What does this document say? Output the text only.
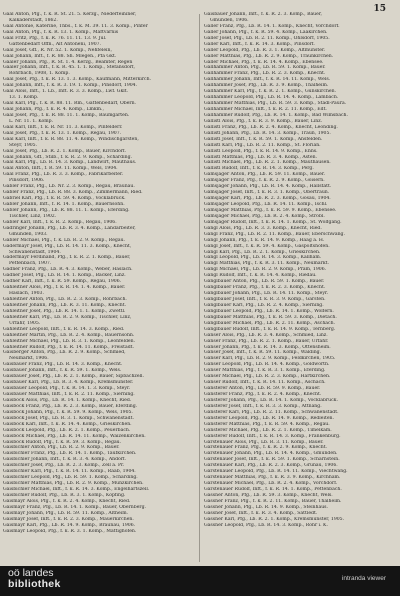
15
Gaal Anton, Pfg., f. k. R. St. 21. 5. Kerzg., Niederfeininer,
Kalkaderstadt, 1862.
Gaal Antonie, Katerine, Thbs., f. k. M. 39. 11. 3. Komp., Pinfer
Gaal Anton, Pfg., f. k. R. 13. 1. Komp., Maftvarnis
Gaal Fritz, Pfg., f. k. R. 76. 11. 11. 13. 9. Jul.
Gattenbedarf Offn., Alt Antoneni, 1907.
Gaal Josef, Gff., R. Nr. 52. 1. Komp., Nehfelein,
Gaal Johann, Inft., f. R. 88. Sh. Mlegen., Pfa Gkt.
Gaaler Johann, Pfg., R. St. 1. 4. Kerzg., Beamter, Regen
Gaaler Johann, Inft., f. k. R. 45. 1. 1. Komp., Stefansdorf,
Rohrbach, 1908, 1. Komp.
Gaal Josef, Pfg., f. k. R. 13. 1. 3. Komp., Kaufmann, Mitterkirch.
Gaal Johann, Inft., f. k. R. 3. 19. 1. Komp., Pinsdorf, 1904.
Gaal Alois, Inft., 1. Lb., Inft. R. 3. 3. Komp., Lwf. Gklt.
13. 1. Komp.
Gaal Karl, Pfg., f. k. R. 88. 11. Rm., Gattenbedarf, Obern.
Gaal Johann, Pfg., f. k. R. 4. Komp., Lmkm.,
Gaal Josef, Pfg., f. k. R. 88. 11. 1. Komp., Baumgarten.
L. Nr. 11. 1. Komp.
Gaal Karl, Inft., f. k. R. Nr. 11. 3. Komp., Pinfelderr.
Gaal Josef, Pfg., f. k. R. 13. 1. Komp., Regau, 1907.
Gaal Karl, Inft., f. k. R. 88. 11. 4. Komp., Windischgarsten,
Steyr, 1905.
Gaal Josef, Pfg., Lb. R. 2. 1. Komp., Bauer, Kirchdorf.
Gaal Johann, Gff., Stilb., f. k. R. 2. 9. Komp., Schärding.
Gaal Karl, Pfg., Lb. R. 14. 3. Komp., Landwirt, Mauthaus.
Gaal Anton, Inft., f. R. 59. 11. Komp., Wels, 1904.
Gaal Franz, Pfg., Lb. R. 3. 3. Komp., Fabrikarbeiter.
Pinsdorf, 1906.
Gabler Franz, Pfg., Lb. Nr. 2. 3. Komp., Regau, Braunau.
Gabler Franz, Pfg., Lb. R. 88. 3. Komp., Zimmermann, Ried.
Gabriel Karl, Pfg., f. k. R. 59. 4. Komp., Vöcklabruck.
Gabler Johann, Inft., f. R. 14. 1. Komp., Bauernsohn.
Gabler Johann, Pfg., Lb. R. 88. 11. 1. Komp., Eferding.
Tischler, Linz, 1902.
Gabler Karl, Inft., f. k. R. 2. Komp., Regau, 1906.
Gadringer Johann, Pfg., Lb. R. 3. 4. Komp., Landarbeiter,
Gmunden, 1903.
Gabler Michael, Pfg., f. k. Lb. R. 2. 9. Komp., Regau.
Gadermayr Josef, Pfg., Lb. R. 14. 11. 3. Komp., Knecht,
Schwanenstadt, 1904.
Gadermayr Ferdinand, Pfg., f. k. R. 2. 1. Komp., Bauer,
Pettenbach, 1907.
Gadner Franz, Pfg., Lb. R. 4. 3. Komp., Weber, Haslach.
Gadner Josef, Pfg., Lb. R. 14. 1. Komp., Bäcker, Linz.
Gadner Karl, Inft., f. k. R. 59. Komp., Regau, 1906.
Gahleitner Alois, Pfg., f. k. R. 14. 1. 4. Komp., Bauer.
Haslach, 1903.
Gahleitner Anton, Pfg., Lb. R. 2. 3. Komp., Rohrbach.
Gahleitner Johann, Pfg., Lb. R. 3. 11. Komp., Knecht.
Gahleitner Josef, Pfg., Lb. R. 14. 1. 1. Komp., Zwettl.
Gahleitner Karl, Pfg., Lb. R. 2. 9. Komp., Tischler, Linz,
Urfahr, 1905.
Gahleitner Leopold, Inft., f. k. R. 14. 3. Komp., Ried.
Gahleitner Martin, Pfg., Lb. R. 2. 4. Komp., Bauernsohn.
Gahleitner Michael, Pfg., Lb. R. 3. 1. Komp., Leonfelden.
Gahleitner Rudolf, Pfg., f. k. R. 14. 11. Komp., Freistadt.
Gaisberger Anton, Pfg., Lb. R. 2. 9. Komp., Schmied,
Neumarkt, 1906.
Gaisbauer Franz, Pfg., Lb. R. 14. 3. Komp., Knecht.
Gaisbauer Johann, Inft., f. k. R. 59. 1. Komp., Wels.
Gaisbauer Josef, Pfg., Lb. R. 2. 1. Komp., Bauer, Sipbachzell.
Gaisbauer Karl, Pfg., Lb. R. 3. 4. Komp., Kremsmünster.
Gaisbauer Leopold, Pfg., f. k. R. 14. 1. 3. Komp., Steyr.
Gaisbauer Matthias, Inft., f. k. R. 2. 11. Komp., Sierning.
Gaisböck Alois, Pfg., Lb. R. 14. 1. Komp., Knecht, Ried.
Gaisböck Franz, Pfg., Lb. R. 2. 3. Komp., Bauer, Eferding.
Gaisböck Johann, Pfg., f. k. R. 59. 9. Komp., Wels, 1905.
Gaisböck Josef, Pfg., Lb. R. 3. 1. Komp., Schwanenstadt.
Gaisböck Karl, Inft., f. k. R. 14. 4. Komp., Grieskirchen.
Gaisböck Leopold, Pfg., Lb. R. 2. 1. Komp., Peuerbach.
Gaisböck Michael, Pfg., Lb. R. 14. 11. Komp., Waizenkirchen.
Gaisböck Rudolf, Pfg., f. k. R. 59. 3. Komp., Regau.
Gaisbichler Anton, Pfg., Lb. R. 2. 9. Komp., Bauer.
Gaisbichler Franz, Pfg., Lb. R. 14. 1. Komp., Taufkirchen.
Gaisbichler Johann, Inft., f. k. R. 3. 4. Komp., Andorf.
Gaisbichler Josef, Pfg., Lb. R. 2. 3. Komp., Zell a. Pr.
Gaisbichler Karl, Pfg., f. k. R. 14. 11. Komp., Raab, 1904.
Gaisbichler Leopold, Pfg., Lb. R. 59. 1. Komp., Schärding.
Gaisbichler Matthias, Pfg., Lb. R. 2. 9. Komp., Münzkirchen.
Gaisbichler Michael, Inft., f. k. R. 14. 3. Komp., Engelhartszell.
Gaisbichler Rudolf, Pfg., Lb. R. 3. 1. Komp., Kopfing.
Gaismayr Alois, Pfg., f. k. R. 2. 4. Komp., Knecht, Ried.
Gaismayr Franz, Pfg., Lb. R. 14. 1. Komp., Bauer, Obernberg.
Gaismayr Johann, Pfg., Lb. R. 59. 11. Komp., Altheim.
Gaismayr Josef, Inft., f. k. R. 2. 3. Komp., Mauerkirchen.
Gaismayr Karl, Pfg., Lb. R. 14. 9. Komp., Braunau, 1906.
Gaismayr Leopold, Pfg., f. k. R. 3. 1. Komp., Mattighofen.
Gaisbauer Johann, Inft., f. k. R. 2. 3. Komp., Bauer,
Gmunden, 1906.
Galler Franz, Pfg., Lb. R. 14. 1. Komp., Knecht, Vorchdorf.
Galler Johann, Pfg., f. k. R. 59. 4. Komp., Laakirchen.
Galler Josef, Pfg., Lb. R. 2. 11. Komp., Ohlsdorf, 1905.
Galler Karl, Inft., f. k. R. 14. 3. Komp., Pinsdorf.
Galler Leopold, Pfg., Lb. R. 3. 1. Komp., Altmünster.
Galler Matthias, Pfg., Lb. R. 2. 9. Komp., Traunkirchen.
Galler Michael, Pfg., f. k. R. 14. 4. Komp., Ebensee.
Gallhammer Anton, Pfg., Lb. R. 59. 1. Komp., Bauer.
Gallhammer Franz, Pfg., Lb. R. 2. 3. Komp., Knecht.
Gallhammer Johann, Inft., f. k. R. 14. 11. Komp., Wels.
Gallhammer Josef, Pfg., Lb. R. 3. 9. Komp., Thalheim.
Gallhammer Karl, Pfg., f. k. R. 2. 1. Komp., Gunskirchen.
Gallhammer Leopold, Pfg., Lb. R. 14. 4. Komp., Lambach.
Gallhammer Matthias, Pfg., Lb. R. 59. 3. Komp., Stadl-Paura.
Gallhammer Michael, Inft., f. k. R. 2. 11. Komp., Edt.
Gallhammer Rudolf, Pfg., Lb. R. 14. 1. Komp., Bad Wimsbach.
Gallistl Alois, Pfg., f. k. R. 3. 9. Komp., Bauer, Linz.
Gallistl Franz, Pfg., Lb. R. 2. 4. Komp., Knecht, Leonding.
Gallistl Johann, Pfg., Lb. R. 14. 3. Komp., Traun, 1905.
Gallistl Josef, Inft., f. k. R. 59. 1. Komp., Ansfelden.
Gallistl Karl, Pfg., Lb. R. 2. 11. Komp., St. Florian.
Gallistl Leopold, Pfg., f. k. R. 14. 9. Komp., Enns.
Gallistl Matthias, Pfg., Lb. R. 3. 4. Komp., Asten.
Gallistl Michael, Pfg., Lb. R. 2. 1. Komp., Mauthausen.
Gallistl Rudolf, Inft., f. k. R. 14. 3. Komp., Perg.
Gamsjäger Anton, Pfg., Lb. R. 59. 11. Komp., Bauer.
Gamsjäger Franz, Pfg., f. k. R. 2. 9. Komp., Goisern.
Gamsjäger Johann, Pfg., Lb. R. 14. 4. Komp., Hallstatt.
Gamsjäger Josef, Inft., f. k. R. 3. 1. Komp., Obertraun.
Gamsjäger Karl, Pfg., Lb. R. 2. 3. Komp., Gosau, 1904.
Gamsjäger Leopold, Pfg., Lb. R. 14. 11. Komp., Ischl.
Gamsjäger Matthias, Pfg., f. k. R. 59. 9. Komp., Ebensee.
Gamsjäger Michael, Pfg., Lb. R. 2. 4. Komp., Strobl.
Gamsjäger Rudolf, Inft., f. k. R. 14. 1. Komp., St. Wolfgang.
Gangl Alois, Pfg., Lb. R. 3. 3. Komp., Knecht, Ried.
Gangl Franz, Pfg., Lb. R. 2. 11. Komp., Bauer, Eberschwang.
Gangl Johann, Pfg., f. k. R. 14. 9. Komp., Haag a. H.
Gangl Josef, Inft., f. k. R. 59. 4. Komp., Gaspoltshofen.
Gangl Karl, Pfg., Lb. R. 2. 1. Komp., Grieskirchen.
Gangl Leopold, Pfg., Lb. R. 14. 3. Komp., Kallham.
Gangl Matthias, Pfg., f. k. R. 3. 11. Komp., Neumarkt.
Gangl Michael, Pfg., Lb. R. 2. 9. Komp., Pram, 1906.
Gangl Rudolf, Inft., f. k. R. 14. 4. Komp., Riedau.
Ganglbauer Anton, Pfg., Lb. R. 59. 1. Komp., Bauer.
Ganglbauer Franz, Pfg., f. k. R. 2. 3. Komp., Knecht.
Ganglbauer Johann, Pfg., Lb. R. 14. 11. Komp., Steyr.
Ganglbauer Josef, Inft., f. k. R. 3. 9. Komp., Garsten.
Ganglbauer Karl, Pfg., Lb. R. 2. 4. Komp., Sierning.
Ganglbauer Leopold, Pfg., Lb. R. 14. 1. Komp., Wolfern.
Ganglbauer Matthias, Pfg., f. k. R. 59. 3. Komp., Dietach.
Ganglbauer Michael, Pfg., Lb. R. 2. 11. Komp., Aschach.
Ganglbauer Rudolf, Inft., f. k. R. 14. 9. Komp., Ternberg.
Ganser Alois, Pfg., Lb. R. 3. 4. Komp., Schmied, Linz.
Ganser Franz, Pfg., Lb. R. 2. 1. Komp., Bauer, Urfahr.
Ganser Johann, Pfg., f. k. R. 14. 3. Komp., Ottensheim.
Ganser Josef, Inft., f. k. R. 59. 11. Komp., Walding.
Ganser Karl, Pfg., Lb. R. 2. 9. Komp., Feldkirchen, 1905.
Ganser Leopold, Pfg., Lb. R. 14. 4. Komp., Goldwörth.
Ganser Matthias, Pfg., f. k. R. 3. 1. Komp., Eferding.
Ganser Michael, Pfg., Lb. R. 2. 3. Komp., Hartkirchen.
Ganser Rudolf, Inft., f. k. R. 14. 11. Komp., Aschach.
Gansterer Anton, Pfg., Lb. R. 59. 9. Komp., Bauer.
Gansterer Franz, Pfg., f. k. R. 2. 4. Komp., Knecht.
Gansterer Johann, Pfg., Lb. R. 14. 1. Komp., Vöcklabruck.
Gansterer Josef, Inft., f. k. R. 3. 3. Komp., Attnang.
Gansterer Karl, Pfg., Lb. R. 2. 11. Komp., Schwanenstadt.
Gansterer Leopold, Pfg., Lb. R. 14. 9. Komp., Redleiten.
Gansterer Matthias, Pfg., f. k. R. 59. 4. Komp., Regau.
Gansterer Michael, Pfg., Lb. R. 2. 1. Komp., Timelkam.
Gansterer Rudolf, Inft., f. k. R. 14. 3. Komp., Frankenburg.
Garstenauer Alois, Pfg., Lb. R. 3. 11. Komp., Bauer.
Garstenauer Franz, Pfg., f. k. R. 2. 9. Komp., Knecht.
Garstenauer Johann, Pfg., Lb. R. 14. 4. Komp., Gmunden.
Garstenauer Josef, Inft., f. k. R. 59. 1. Komp., Scharnstein.
Garstenauer Karl, Pfg., Lb. R. 2. 3. Komp., Grünau, 1906.
Garstenauer Leopold, Pfg., Lb. R. 14. 11. Komp., Viechtwang.
Garstenauer Matthias, Pfg., f. k. R. 3. 9. Komp., Kirchham.
Garstenauer Michael, Pfg., Lb. R. 2. 4. Komp., Vorchdorf.
Garstenauer Rudolf, Inft., f. k. R. 14. 1. Komp., Pettenbach.
Gassner Anton, Pfg., Lb. R. 59. 3. Komp., Knecht, Wels.
Gassner Franz, Pfg., f. k. R. 2. 11. Komp., Bauer, Thalheim.
Gassner Johann, Pfg., Lb. R. 14. 9. Komp., Steinhaus.
Gassner Josef, Inft., f. k. R. 3. 4. Komp., Sattledt.
Gassner Karl, Pfg., Lb. R. 2. 1. Komp., Kremsmünster, 1905.
Gassner Leopold, Pfg., Lb. R. 14. 3. Komp., Rohr i. K.
oö landes
bibliothek	intranda viewer
